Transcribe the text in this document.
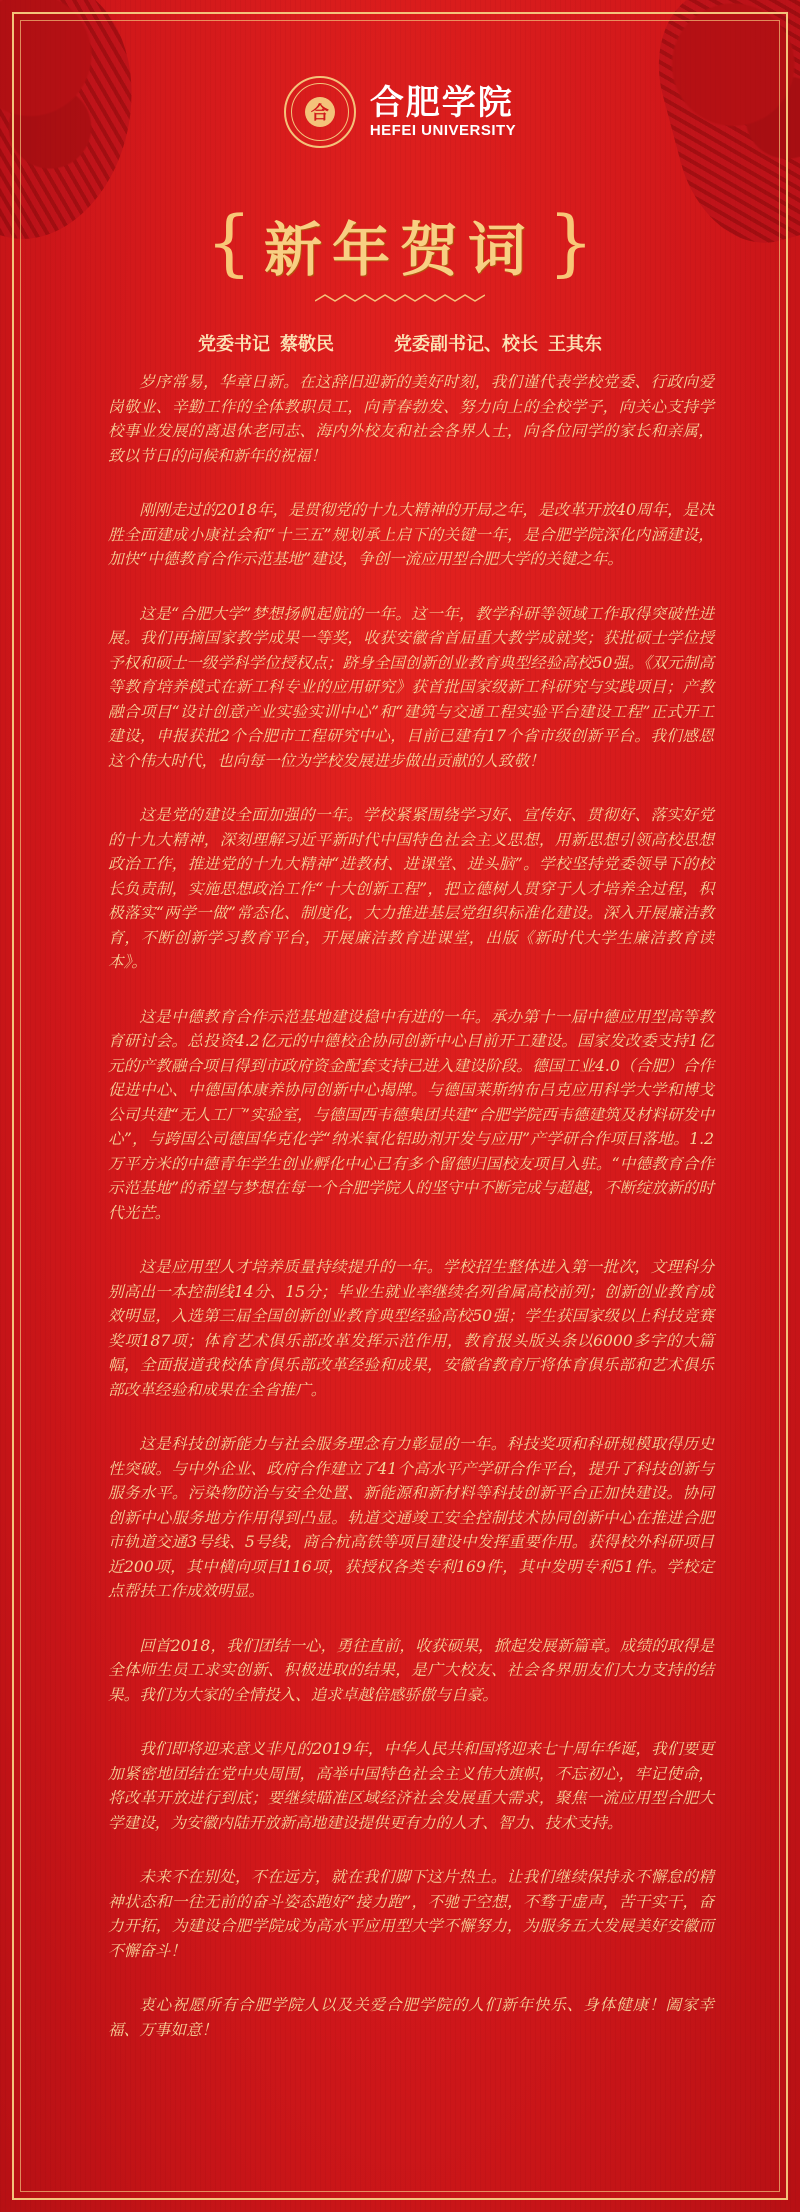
合 合肥学院
HEFEI UNIVERSITY
{ 新年贺词 }
党委书记 蔡敬民	党委副书记、校长 王其东

岁序常易，华章日新。在这辞旧迎新的美好时刻，我们谨代表学校党委、行政向爱岗敬业、辛勤工作的全体教职员工，向青春勃发、努力向上的全校学子，向关心支持学校事业发展的离退休老同志、海内外校友和社会各界人士，向各位同学的家长和亲属，致以节日的问候和新年的祝福！

刚刚走过的2018年，是贯彻党的十九大精神的开局之年，是改革开放40周年，是决胜全面建成小康社会和“十三五”规划承上启下的关键一年，是合肥学院深化内涵建设，加快“中德教育合作示范基地”建设，争创一流应用型合肥大学的关键之年。

这是“合肥大学”梦想扬帆起航的一年。这一年，教学科研等领域工作取得突破性进展。我们再摘国家教学成果一等奖，收获安徽省首届重大教学成就奖；获批硕士学位授予权和硕士一级学科学位授权点；跻身全国创新创业教育典型经验高校50强。《双元制高等教育培养模式在新工科专业的应用研究》获首批国家级新工科研究与实践项目；产教融合项目“设计创意产业实验实训中心”和“建筑与交通工程实验平台建设工程”正式开工建设，申报获批2个合肥市工程研究中心，目前已建有17个省市级创新平台。我们感恩这个伟大时代，也向每一位为学校发展进步做出贡献的人致敬！

这是党的建设全面加强的一年。学校紧紧围绕学习好、宣传好、贯彻好、落实好党的十九大精神，深刻理解习近平新时代中国特色社会主义思想，用新思想引领高校思想政治工作，推进党的十九大精神“进教材、进课堂、进头脑”。学校坚持党委领导下的校长负责制，实施思想政治工作“十大创新工程”，把立德树人贯穿于人才培养全过程，积极落实“两学一做”常态化、制度化，大力推进基层党组织标准化建设。深入开展廉洁教育，不断创新学习教育平台，开展廉洁教育进课堂，出版《新时代大学生廉洁教育读本》。

这是中德教育合作示范基地建设稳中有进的一年。承办第十一届中德应用型高等教育研讨会。总投资4.2亿元的中德校企协同创新中心目前开工建设。国家发改委支持1亿元的产教融合项目得到市政府资金配套支持已进入建设阶段。德国工业4.0（合肥）合作促进中心、中德国体康养协同创新中心揭牌。与德国莱斯纳布吕克应用科学大学和博戈公司共建“无人工厂”实验室，与德国西韦德集团共建“合肥学院西韦德建筑及材料研发中心”，与跨国公司德国华克化学“纳米氧化铝助剂开发与应用”产学研合作项目落地。1.2万平方米的中德青年学生创业孵化中心已有多个留德归国校友项目入驻。“中德教育合作示范基地”的希望与梦想在每一个合肥学院人的坚守中不断完成与超越，不断绽放新的时代光芒。

这是应用型人才培养质量持续提升的一年。学校招生整体进入第一批次，文理科分别高出一本控制线14分、15分；毕业生就业率继续名列省属高校前列；创新创业教育成效明显，入选第三届全国创新创业教育典型经验高校50强；学生获国家级以上科技竞赛奖项187项；体育艺术俱乐部改革发挥示范作用，教育报头版头条以6000多字的大篇幅，全面报道我校体育俱乐部改革经验和成果，安徽省教育厅将体育俱乐部和艺术俱乐部改革经验和成果在全省推广。

这是科技创新能力与社会服务理念有力彰显的一年。科技奖项和科研规模取得历史性突破。与中外企业、政府合作建立了41个高水平产学研合作平台，提升了科技创新与服务水平。污染物防治与安全处置、新能源和新材料等科技创新平台正加快建设。协同创新中心服务地方作用得到凸显。轨道交通竣工安全控制技术协同创新中心在推进合肥市轨道交通3号线、5号线，商合杭高铁等项目建设中发挥重要作用。获得校外科研项目近200项，其中横向项目116项，获授权各类专利169件，其中发明专利51件。学校定点帮扶工作成效明显。

回首2018，我们团结一心，勇往直前，收获硕果，掀起发展新篇章。成绩的取得是全体师生员工求实创新、积极进取的结果，是广大校友、社会各界朋友们大力支持的结果。我们为大家的全情投入、追求卓越倍感骄傲与自豪。

我们即将迎来意义非凡的2019年，中华人民共和国将迎来七十周年华诞，我们要更加紧密地团结在党中央周围，高举中国特色社会主义伟大旗帜，不忘初心，牢记使命，将改革开放进行到底；要继续瞄准区域经济社会发展重大需求，聚焦一流应用型合肥大学建设，为安徽内陆开放新高地建设提供更有力的人才、智力、技术支持。

未来不在别处，不在远方，就在我们脚下这片热土。让我们继续保持永不懈怠的精神状态和一往无前的奋斗姿态跑好“接力跑”，不驰于空想，不骛于虚声，苦干实干，奋力开拓，为建设合肥学院成为高水平应用型大学不懈努力，为服务五大发展美好安徽而不懈奋斗！

衷心祝愿所有合肥学院人以及关爱合肥学院的人们新年快乐、身体健康！阖家幸福、万事如意！
